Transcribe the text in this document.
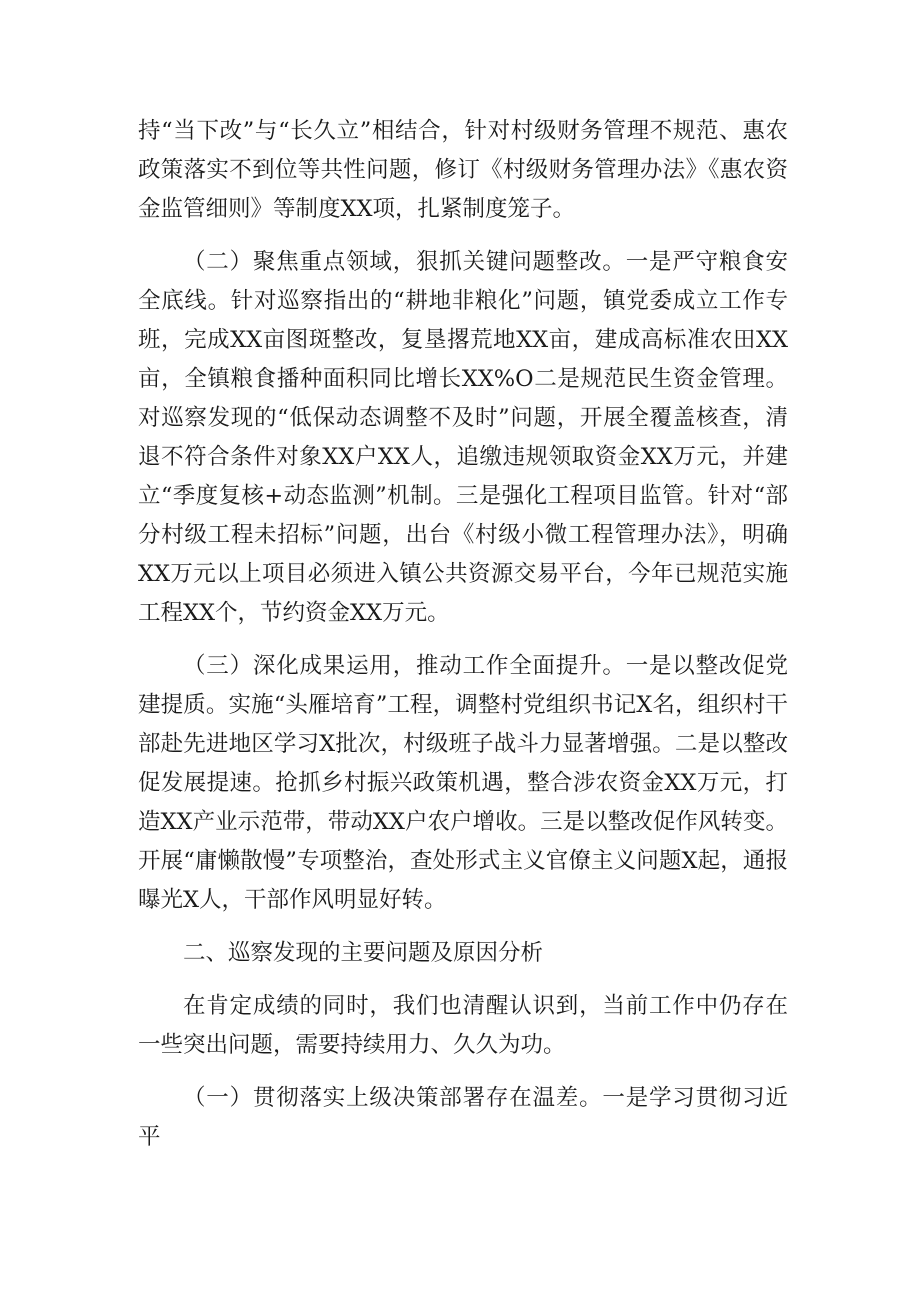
持“当下改”与“长久立”相结合，针对村级财务管理不规范、惠农政策落实不到位等共性问题，修订《村级财务管理办法》《惠农资金监管细则》等制度XX项，扎紧制度笼子。

（二）聚焦重点领域，狠抓关键问题整改。一是严守粮食安全底线。针对巡察指出的“耕地非粮化”问题，镇党委成立工作专班，完成XX亩图斑整改，复垦撂荒地XX亩，建成高标准农田XX亩，全镇粮食播种面积同比增长XX%O二是规范民生资金管理。对巡察发现的“低保动态调整不及时”问题，开展全覆盖核查，清退不符合条件对象XX户XX人，追缴违规领取资金XX万元，并建立“季度复核+动态监测”机制。三是强化工程项目监管。针对“部分村级工程未招标”问题，出台《村级小微工程管理办法》，明确XX万元以上项目必须进入镇公共资源交易平台，今年已规范实施工程XX个，节约资金XX万元。

（三）深化成果运用，推动工作全面提升。一是以整改促党建提质。实施“头雁培育”工程，调整村党组织书记X名，组织村干部赴先进地区学习X批次，村级班子战斗力显著增强。二是以整改促发展提速。抢抓乡村振兴政策机遇，整合涉农资金XX万元，打造XX产业示范带，带动XX户农户增收。三是以整改促作风转变。开展“庸懒散慢”专项整治，查处形式主义官僚主义问题X起，通报曝光X人，干部作风明显好转。

二、巡察发现的主要问题及原因分析

在肯定成绩的同时，我们也清醒认识到，当前工作中仍存在一些突出问题，需要持续用力、久久为功。

（一）贯彻落实上级决策部署存在温差。一是学习贯彻习近平
